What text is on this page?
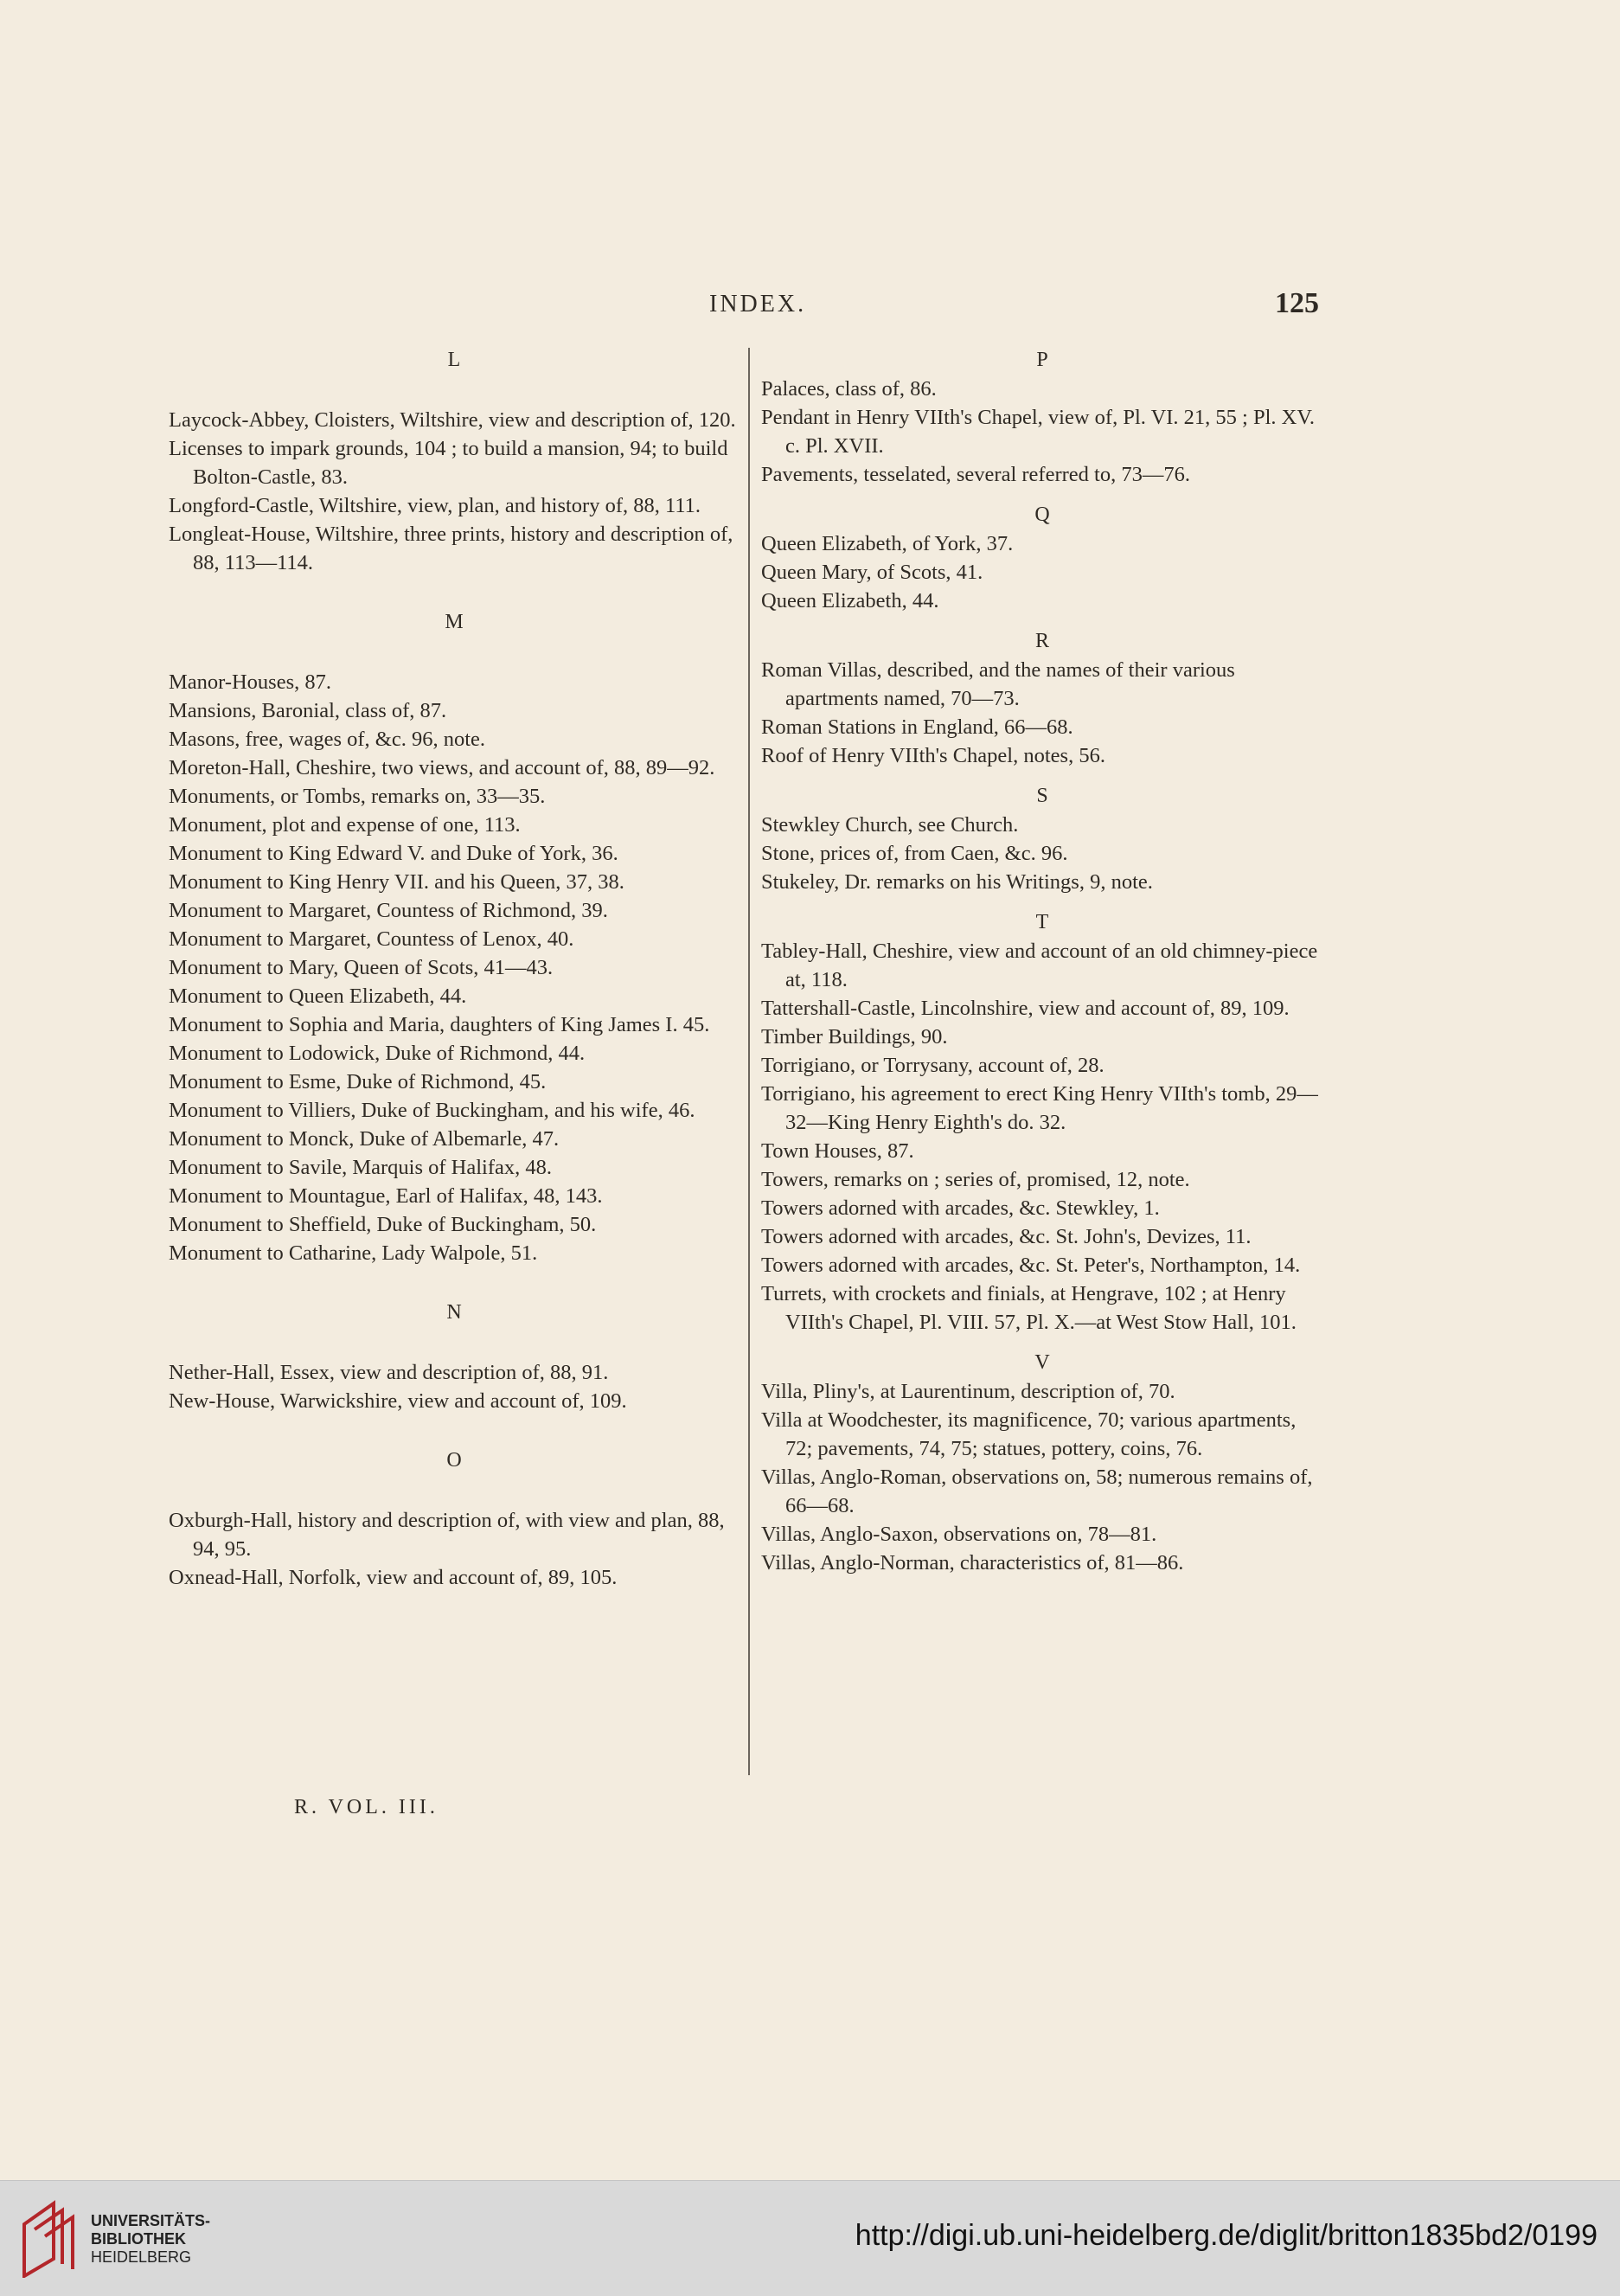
INDEX.	125

L

Laycock-Abbey, Cloisters, Wiltshire, view and description of, 120.

Licenses to impark grounds, 104 ; to build a mansion, 94; to build Bolton-Castle, 83.

Longford-Castle, Wiltshire, view, plan, and history of, 88, 111.

Longleat-House, Wiltshire, three prints, history and description of, 88, 113—114.

M

Manor-Houses, 87.

Mansions, Baronial, class of, 87.

Masons, free, wages of, &c. 96, note.

Moreton-Hall, Cheshire, two views, and account of, 88, 89—92.

Monuments, or Tombs, remarks on, 33—35.

Monument, plot and expense of one, 113.

Monument to King Edward V. and Duke of York, 36.

Monument to King Henry VII. and his Queen, 37, 38.

Monument to Margaret, Countess of Richmond, 39.

Monument to Margaret, Countess of Lenox, 40.

Monument to Mary, Queen of Scots, 41—43.

Monument to Queen Elizabeth, 44.

Monument to Sophia and Maria, daughters of King James I. 45.

Monument to Lodowick, Duke of Richmond, 44.

Monument to Esme, Duke of Richmond, 45.

Monument to Villiers, Duke of Buckingham, and his wife, 46.

Monument to Monck, Duke of Albemarle, 47.

Monument to Savile, Marquis of Halifax, 48.

Monument to Mountague, Earl of Halifax, 48, 143.

Monument to Sheffield, Duke of Buckingham, 50.

Monument to Catharine, Lady Walpole, 51.

N

Nether-Hall, Essex, view and description of, 88, 91.

New-House, Warwickshire, view and account of, 109.

O

Oxburgh-Hall, history and description of, with view and plan, 88, 94, 95.

Oxnead-Hall, Norfolk, view and account of, 89, 105.

P

Palaces, class of, 86.

Pendant in Henry VIIth's Chapel, view of, Pl. VI. 21, 55 ; Pl. XV. c. Pl. XVII.

Pavements, tesselated, several referred to, 73—76.

Q

Queen Elizabeth, of York, 37.

Queen Mary, of Scots, 41.

Queen Elizabeth, 44.

R

Roman Villas, described, and the names of their various apartments named, 70—73.

Roman Stations in England, 66—68.

Roof of Henry VIIth's Chapel, notes, 56.

S

Stewkley Church, see Church.

Stone, prices of, from Caen, &c. 96.

Stukeley, Dr. remarks on his Writings, 9, note.

T

Tabley-Hall, Cheshire, view and account of an old chimney-piece at, 118.

Tattershall-Castle, Lincolnshire, view and account of, 89, 109.

Timber Buildings, 90.

Torrigiano, or Torrysany, account of, 28.

Torrigiano, his agreement to erect King Henry VIIth's tomb, 29—32—King Henry Eighth's do. 32.

Town Houses, 87.

Towers, remarks on ; series of, promised, 12, note.

Towers adorned with arcades, &c. Stewkley, 1.

Towers adorned with arcades, &c. St. John's, Devizes, 11.

Towers adorned with arcades, &c. St. Peter's, Northampton, 14.

Turrets, with crockets and finials, at Hengrave, 102 ; at Henry VIIth's Chapel, Pl. VIII. 57, Pl. X.—at West Stow Hall, 101.

V

Villa, Pliny's, at Laurentinum, description of, 70.

Villa at Woodchester, its magnificence, 70; various apartments, 72; pavements, 74, 75; statues, pottery, coins, 76.

Villas, Anglo-Roman, observations on, 58; numerous remains of, 66—68.

Villas, Anglo-Saxon, observations on, 78—81.

Villas, Anglo-Norman, characteristics of, 81—86.

R. VOL. III.
UNIVERSITÄTS-
BIBLIOTHEK
HEIDELBERG
http://digi.ub.uni-heidelberg.de/diglit/britton1835bd2/0199
